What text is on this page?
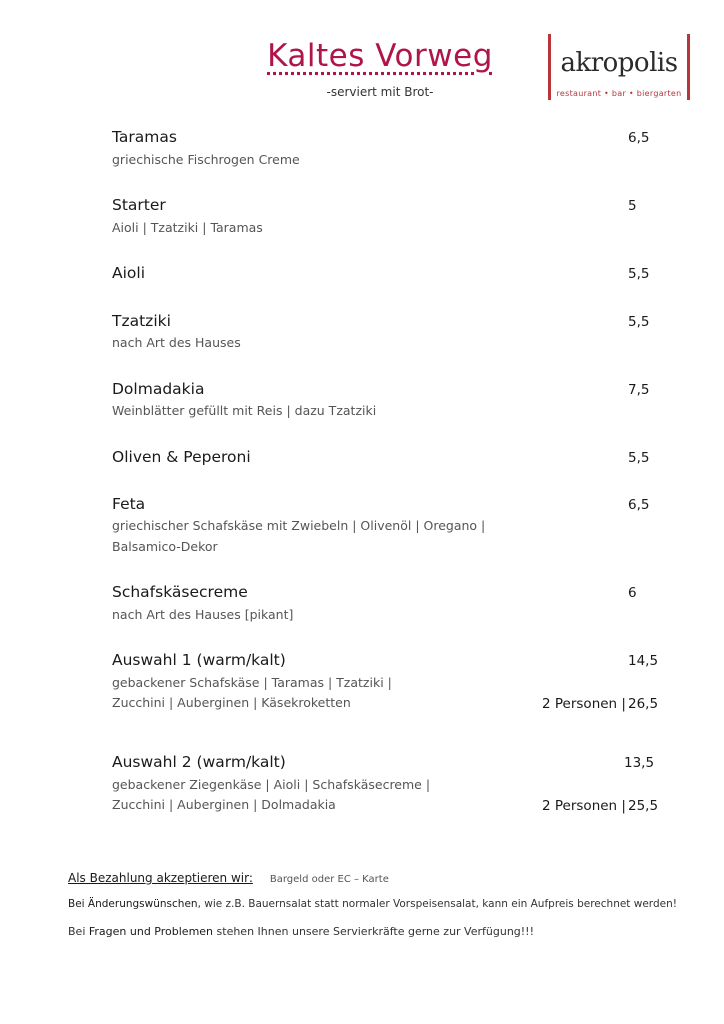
Kaltes Vorweg
-serviert mit Brot-
akropolis
restaurant • bar • biergarten
Taramas	6,5
griechische Fischrogen Creme
Starter	5
Aioli | Tzatziki | Taramas
Aioli	5,5
Tzatziki	5,5
nach Art des Hauses
Dolmadakia	7,5
Weinblätter gefüllt mit Reis | dazu Tzatziki
Oliven & Peperoni	5,5
Feta	6,5
griechischer Schafskäse mit Zwiebeln | Olivenöl | Oregano |
Balsamico-Dekor
Schafskäsecreme	6
nach Art des Hauses [pikant]
Auswahl 1 (warm/kalt)	14,5
gebackener Schafskäse | Taramas | Tzatziki |
Zucchini | Auberginen | Käsekroketten	2 Personen | 26,5
Auswahl 2 (warm/kalt)	13,5
gebackener Ziegenkäse | Aioli | Schafskäsecreme |
Zucchini | Auberginen | Dolmadakia	2 Personen | 25,5
Als Bezahlung akzeptieren wir: Bargeld oder EC – Karte
Bei Änderungswünschen, wie z.B. Bauernsalat statt normaler Vorspeisensalat, kann ein Aufpreis berechnet werden!
Bei Fragen und Problemen stehen Ihnen unsere Servierkräfte gerne zur Verfügung!!!
